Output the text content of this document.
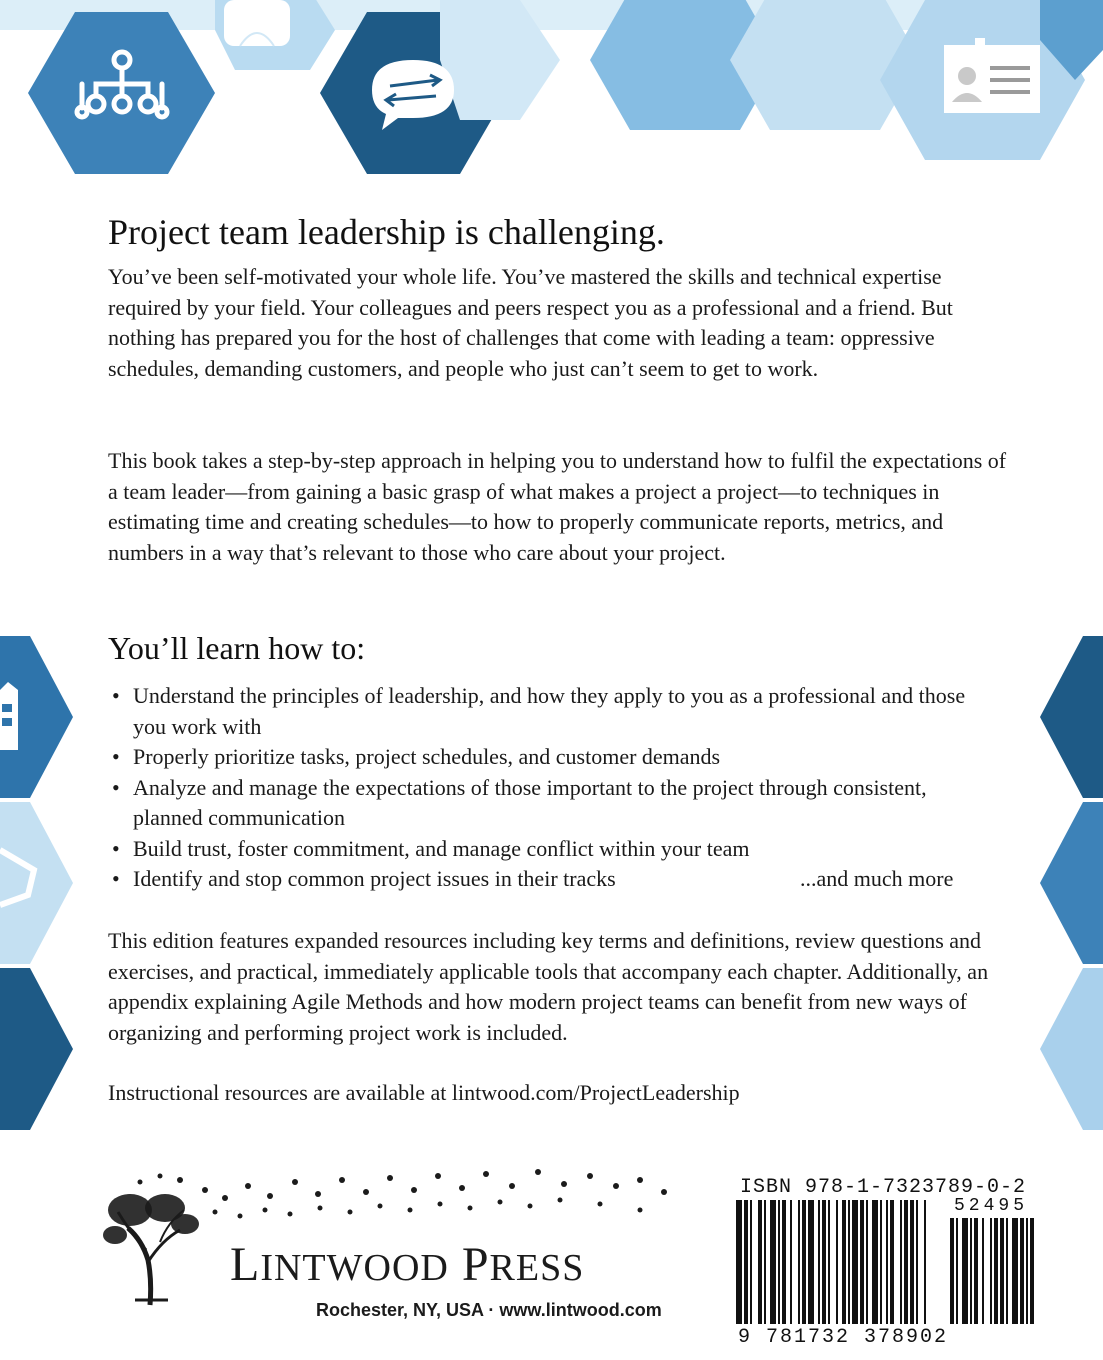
Project team leadership is challenging.

You’ve been self-motivated your whole life. You’ve mastered the skills and technical expertise required by your field. Your colleagues and peers respect you as a professional and a friend. But nothing has prepared you for the host of challenges that come with leading a team: oppressive schedules, demanding customers, and people who just can’t seem to get to work.

This book takes a step-by-step approach in helping you to understand how to fulfil the expectations of a team leader—from gaining a basic grasp of what makes a project a project—to techniques in estimating time and creating schedules—to how to properly communicate reports, metrics, and numbers in a way that’s relevant to those who care about your project.

You’ll learn how to:
• Understand the principles of leadership, and how they apply to you as a professional and those you work with
• Properly prioritize tasks, project schedules, and customer demands
• Analyze and manage the expectations of those important to the project through consistent, planned communication
• Build trust, foster commitment, and manage conflict within your team
• Identify and stop common project issues in their tracks	...and much more

This edition features expanded resources including key terms and definitions, review questions and exercises, and practical, immediately applicable tools that accompany each chapter. Additionally, an appendix explaining Agile Methods and how modern project teams can benefit from new ways of organizing and performing project work is included.

Instructional resources are available at lintwood.com/ProjectLeadership

LINTWOOD PRESS
Rochester, NY, USA · www.lintwood.com
ISBN 978-1-7323789-0-2
52495
9 781732 378902
